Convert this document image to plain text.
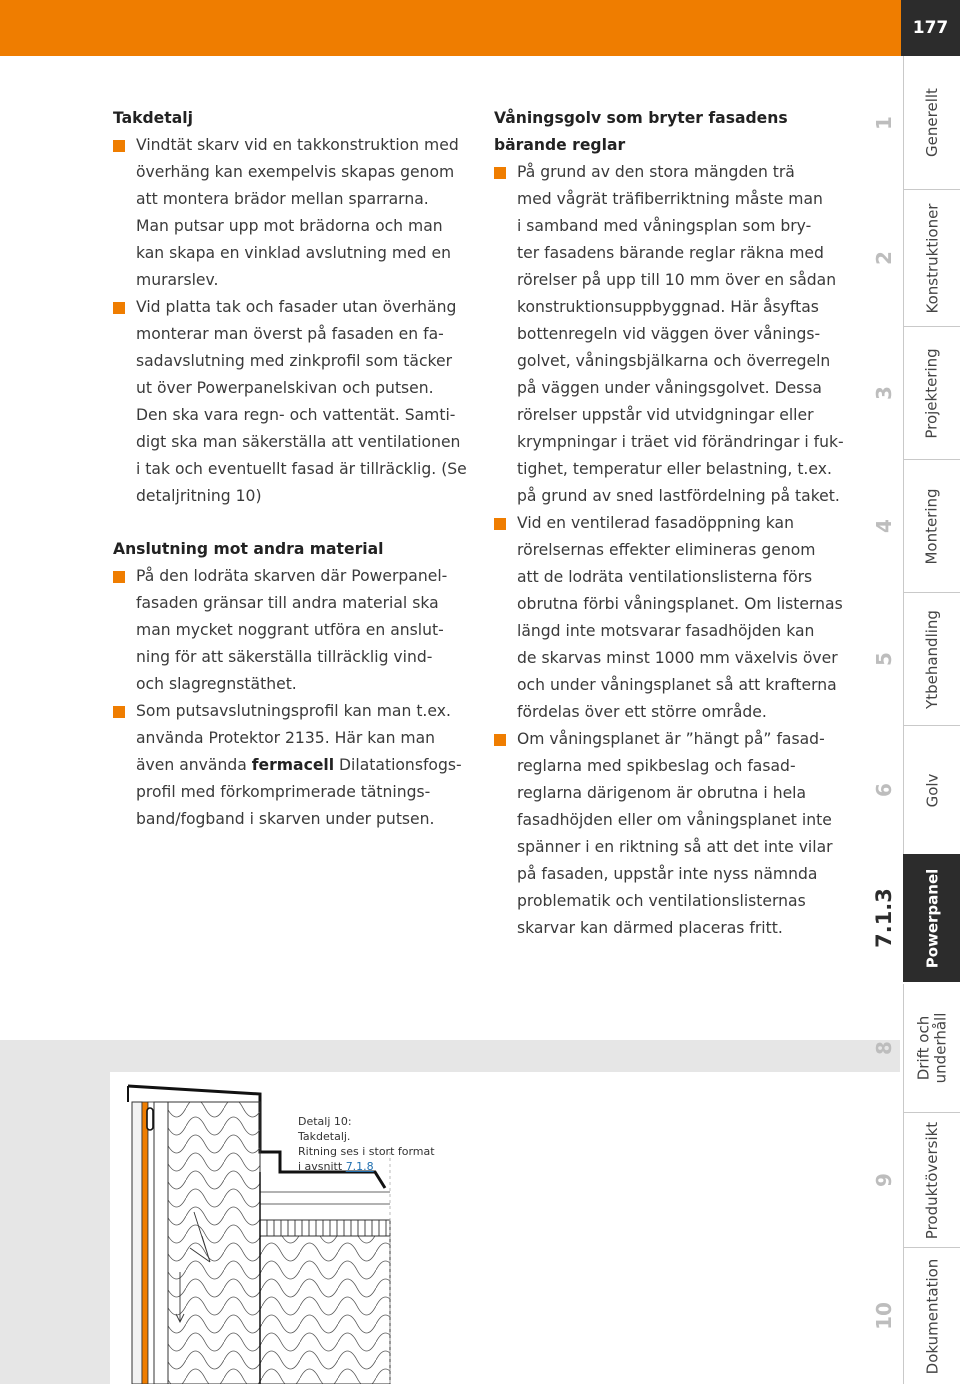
177
Takdetalj
Vindtät skarv vid en takkonstruktion med
överhäng kan exempelvis skapas genom
att montera brädor mellan sparrarna.
Man putsar upp mot brädorna och man
kan skapa en vinklad avslutning med en
murarslev.
Vid platta tak och fasader utan överhäng
monterar man överst på fasaden en fa-
sadavslutning med zinkprofil som täcker
ut över Powerpanelskivan och putsen.
Den ska vara regn- och vattentät. Samti-
digt ska man säkerställa att ventilationen
i tak och eventuellt fasad är tillräcklig. (Se
detaljritning 10)
Anslutning mot andra material
På den lodräta skarven där Powerpanel-
fasaden gränsar till andra material ska
man mycket noggrant utföra en anslut-
ning för att säkerställa tillräcklig vind-
och slagregnstäthet.
Som putsavslutningsprofil kan man t.ex.
använda Protektor 2135. Här kan man
även använda fermacell Dilatationsfogs-
profil med förkomprimerade tätnings-
band/fogband i skarven under putsen.
Våningsgolv som bryter fasadens
bärande reglar
På grund av den stora mängden trä
med vågrät träfiberriktning måste man
i samband med våningsplan som bry-
ter fasadens bärande reglar räkna med
rörelser på upp till 10 mm över en sådan
konstruktionsuppbyggnad. Här åsyftas
bottenregeln vid väggen över vånings-
golvet, våningsbjälkarna och överregeln
på väggen under våningsgolvet. Dessa
rörelser uppstår vid utvidgningar eller
krympningar i träet vid förändringar i fuk-
tighet, temperatur eller belastning, t.ex.
på grund av sned lastfördelning på taket.
Vid en ventilerad fasadöppning kan
rörelsernas effekter elimineras genom
att de lodräta ventilationslisterna förs
obrutna förbi våningsplanet. Om listernas
längd inte motsvarar fasadhöjden kan
de skarvas minst 1000 mm växelvis över
och under våningsplanet så att krafterna
fördelas över ett större område.
Om våningsplanet är ”hängt på” fasad-
reglarna med spikbeslag och fasad-
reglarna därigenom är obrutna i hela
fasadhöjden eller om våningsplanet inte
spänner i en riktning så att det inte vilar
på fasaden, uppstår inte nyss nämnda
problematik och ventilationslisternas
skarvar kan därmed placeras fritt.
Detalj 10:
Takdetalj.
Ritning ses i stort format
i avsnitt 7.1.8
1 Generellt
2 Konstruktioner
3 Projektering
4 Montering
5 Ytbehandling
6 Golv
7.1.3 Powerpanel
8 Drift och underhåll
9 Produktöversikt
10 Dokumentation
